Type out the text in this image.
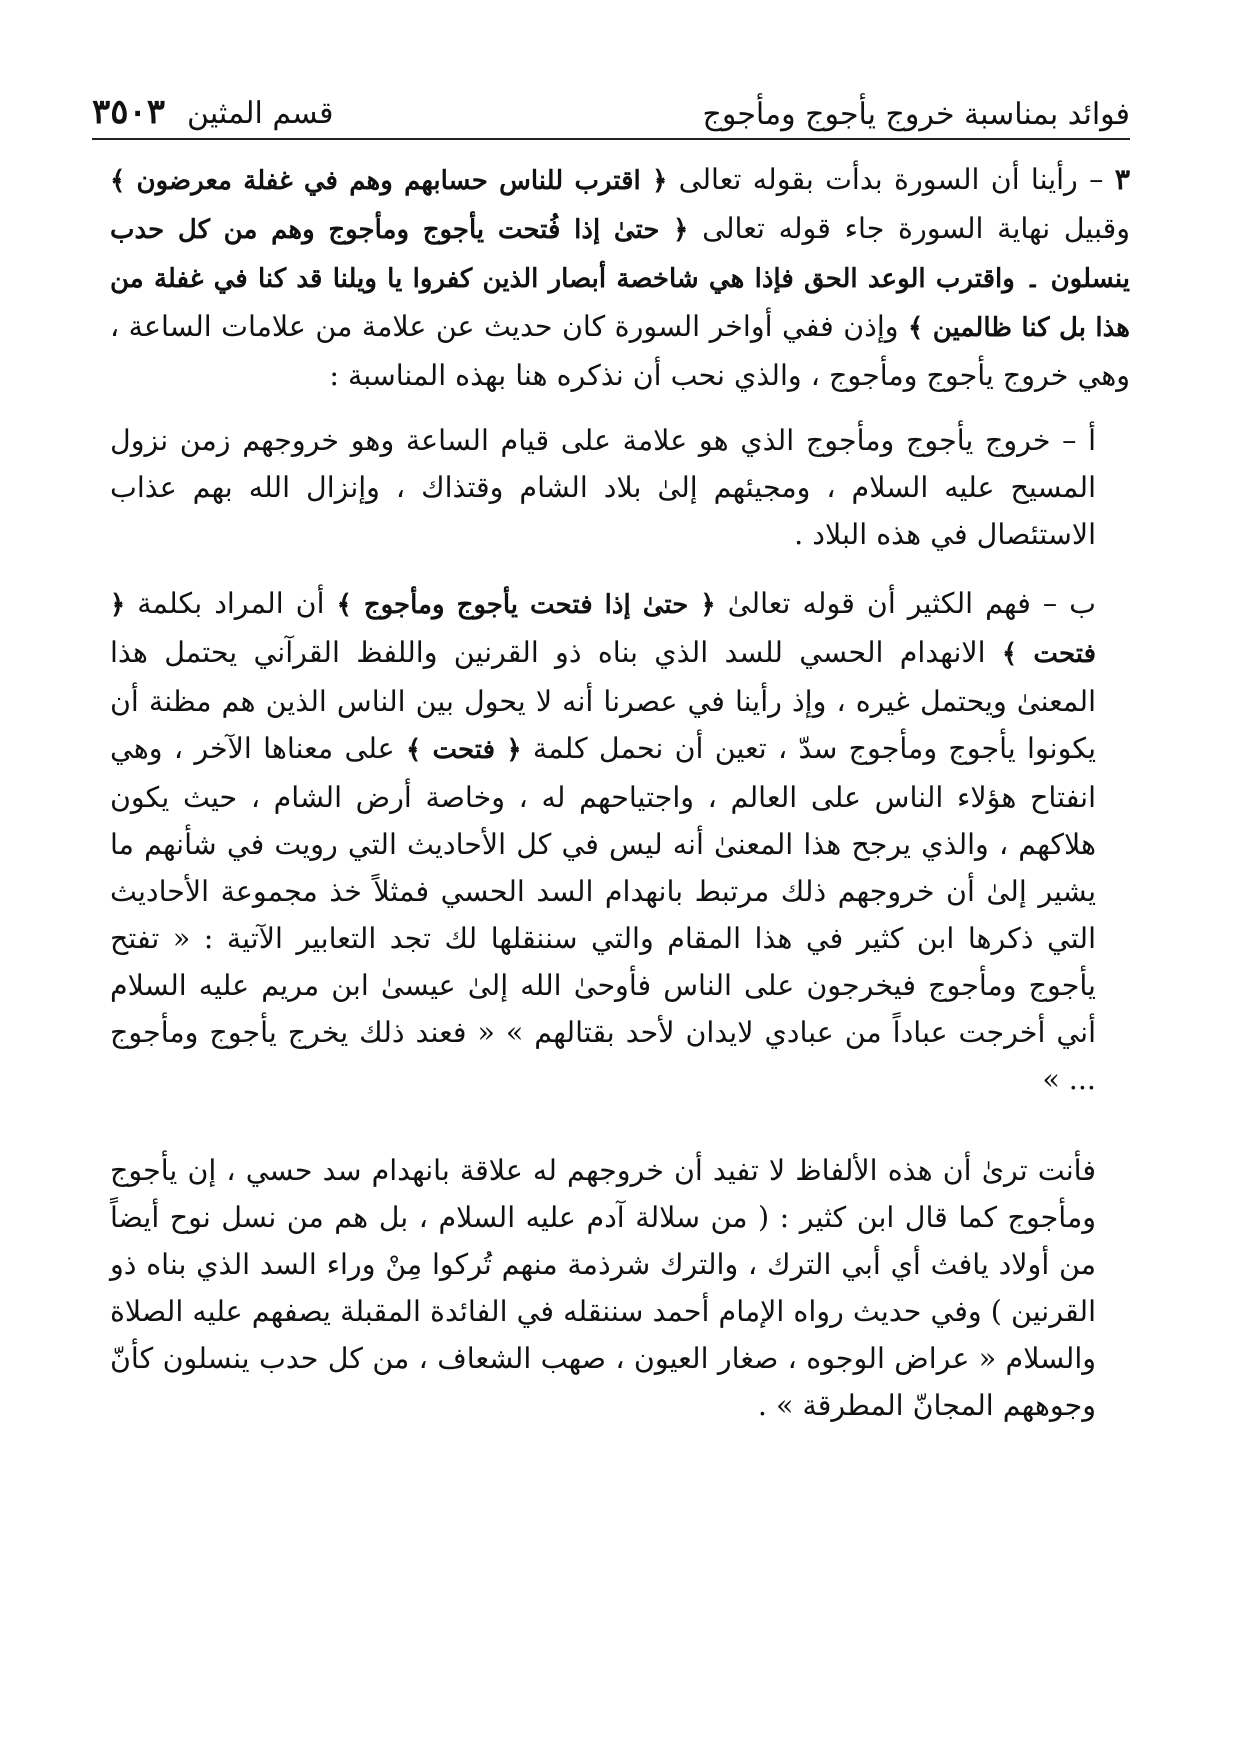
فوائد بمناسبة خروج يأجوج ومأجوج
قسم المثين
٣٥٠٣

٣ – رأينا أن السورة بدأت بقوله تعالى ﴿ اقترب للناس حسابهم وهم في غفلة معرضون ﴾ وقبيل نهاية السورة جاء قوله تعالى ﴿ حتىٰ إذا فُتحت يأجوج ومأجوج وهم من كل حدب ينسلون ۔ واقترب الوعد الحق فإذا هي شاخصة أبصار الذين كفروا يا ويلنا قد كنا في غفلة من هذا بل كنا ظالمين ﴾ وإذن ففي أواخر السورة كان حديث عن علامة من علامات الساعة ، وهي خروج يأجوج ومأجوج ، والذي نحب أن نذكره هنا بهذه المناسبة :

أ – خروج يأجوج ومأجوج الذي هو علامة على قيام الساعة وهو خروجهم زمن نزول المسيح عليه السلام ، ومجيئهم إلىٰ بلاد الشام وقتذاك ، وإنزال الله بهم عذاب الاستئصال في هذه البلاد .

ب – فهم الكثير أن قوله تعالىٰ ﴿ حتىٰ إذا فتحت يأجوج ومأجوج ﴾ أن المراد بكلمة ﴿ فتحت ﴾ الانهدام الحسي للسد الذي بناه ذو القرنين واللفظ القرآني يحتمل هذا المعنىٰ ويحتمل غيره ، وإذ رأينا في عصرنا أنه لا يحول بين الناس الذين هم مظنة أن يكونوا يأجوج ومأجوج سدّ ، تعين أن نحمل كلمة ﴿ فتحت ﴾ على معناها الآخر ، وهي انفتاح هؤلاء الناس على العالم ، واجتياحهم له ، وخاصة أرض الشام ، حيث يكون هلاكهم ، والذي يرجح هذا المعنىٰ أنه ليس في كل الأحاديث التي رويت في شأنهم ما يشير إلىٰ أن خروجهم ذلك مرتبط بانهدام السد الحسي فمثلاً خذ مجموعة الأحاديث التي ذكرها ابن كثير في هذا المقام والتي سننقلها لك تجد التعابير الآتية : « تفتح يأجوج ومأجوج فيخرجون على الناس فأوحىٰ الله إلىٰ عيسىٰ ابن مريم عليه السلام أني أخرجت عباداً من عبادي لايدان لأحد بقتالهم » « فعند ذلك يخرج يأجوج ومأجوج ... »

فأنت ترىٰ أن هذه الألفاظ لا تفيد أن خروجهم له علاقة بانهدام سد حسي ، إن يأجوج ومأجوج كما قال ابن كثير : ( من سلالة آدم عليه السلام ، بل هم من نسل نوح أيضاً من أولاد يافث أي أبي الترك ، والترك شرذمة منهم تُركوا مِنْ وراء السد الذي بناه ذو القرنين ) وفي حديث رواه الإمام أحمد سننقله في الفائدة المقبلة يصفهم عليه الصلاة والسلام « عراض الوجوه ، صغار العيون ، صهب الشعاف ، من كل حدب ينسلون كأنّ وجوههم المجانّ المطرقة » .
